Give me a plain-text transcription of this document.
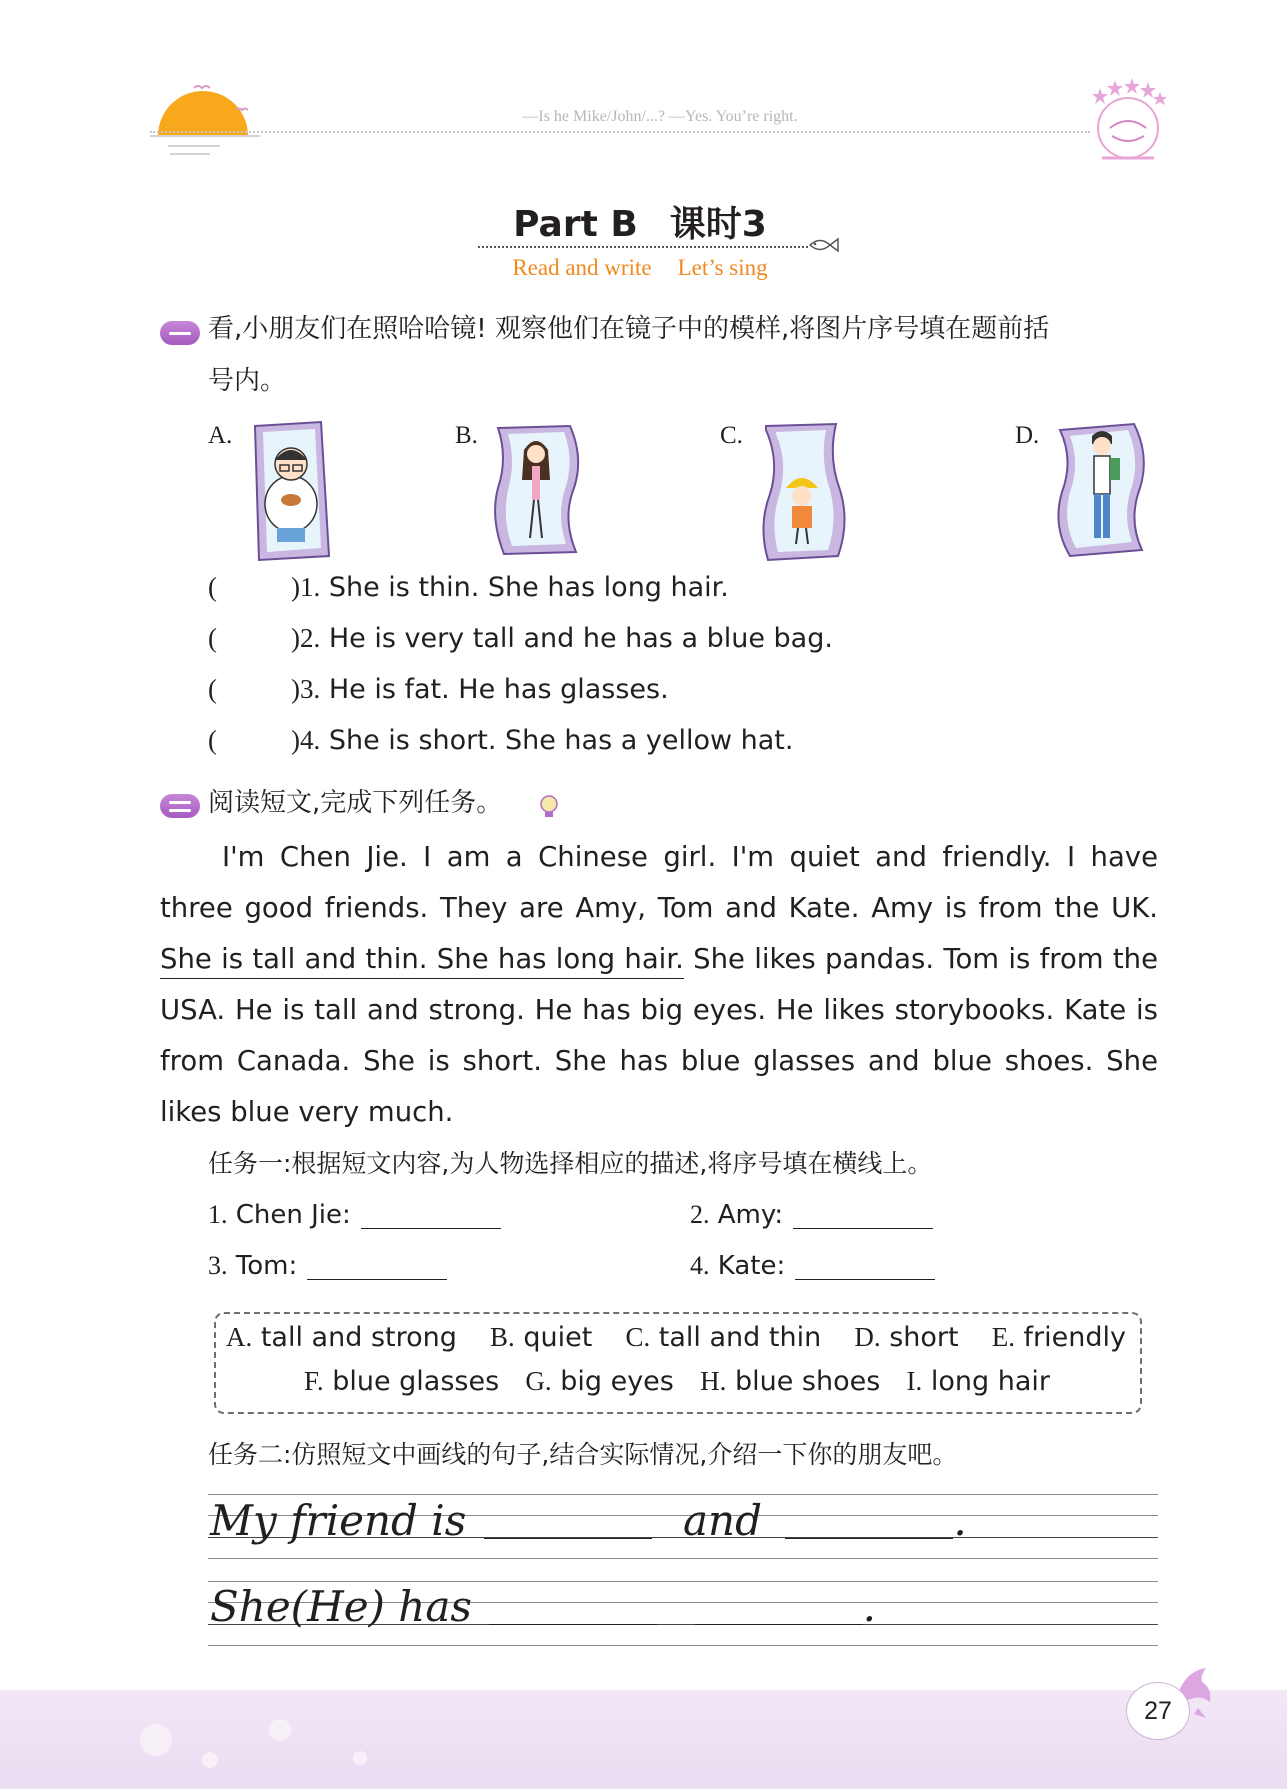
—Is he Mike/John/...? —Yes. You’re right.
Part B 课时3
Read and write Let’s sing
看,小朋友们在照哈哈镜! 观察他们在镜子中的模样,将图片序号填在题前括
号内。
A.	B.	C.	D.
(	)1. She is thin. She has long hair.
(	)2. He is very tall and he has a blue bag.
(	)3. He is fat. He has glasses.
(	)4. She is short. She has a yellow hat.
阅读短文,完成下列任务。
I'm Chen Jie. I am a Chinese girl. I'm quiet and friendly. I have
three good friends. They are Amy, Tom and Kate. Amy is from the UK.
She is tall and thin. She has long hair. She likes pandas. Tom is from the
USA. He is tall and strong. He has big eyes. He likes storybooks. Kate is
from Canada. She is short. She has blue glasses and blue shoes. She
likes blue very much.
任务一:根据短文内容,为人物选择相应的描述,将序号填在横线上。
1. Chen Jie:	2. Amy:
3. Tom:	4. Kate:
A. tall and strong B. quiet C. tall and thin D. short E. friendly
F. blue glasses G. big eyes H. blue shoes I. long hair
任务二:仿照短文中画线的句子,结合实际情况,介绍一下你的朋友吧。
My friend is	and	.
She(He) has	.
27
